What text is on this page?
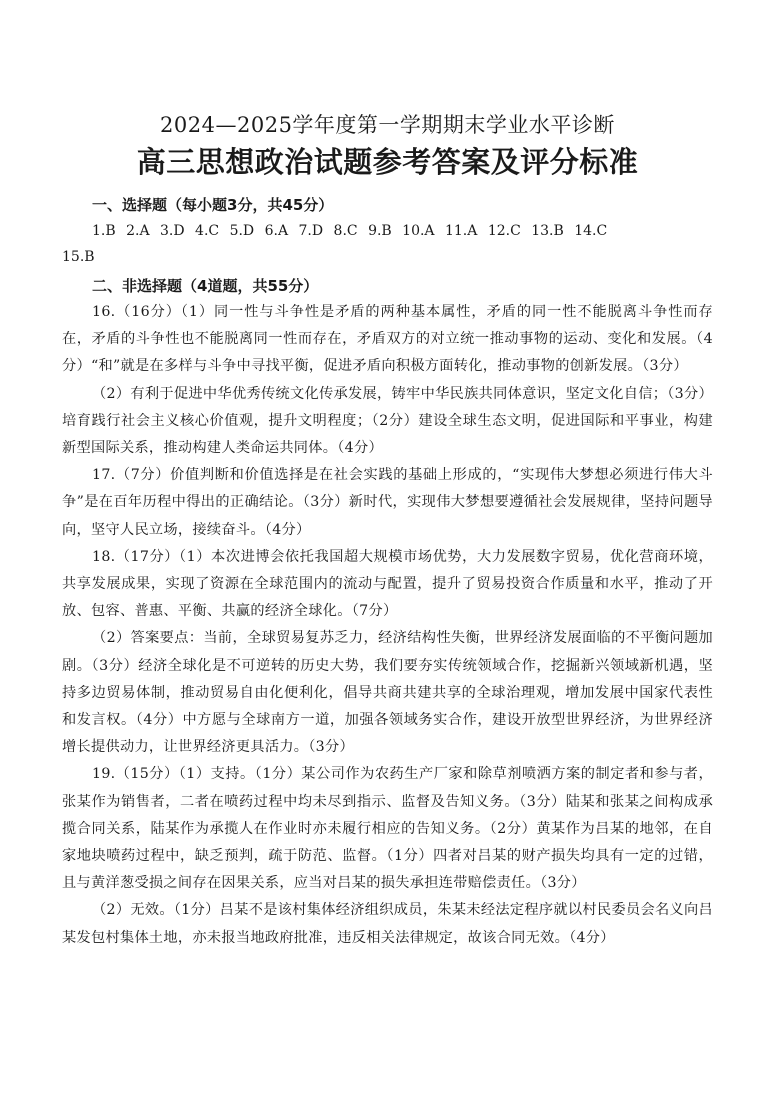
2024—2025学年度第一学期期末学业水平诊断
高三思想政治试题参考答案及评分标准

一、选择题（每小题3分，共45分）

1.B 2.A 3.D 4.C 5.D 6.A 7.D 8.C 9.B 10.A 11.A 12.C 13.B 14.C

15.B

二、非选择题（4道题，共55分）

16.（16分）（1）同一性与斗争性是矛盾的两种基本属性，矛盾的同一性不能脱离斗争性而存在，矛盾的斗争性也不能脱离同一性而存在，矛盾双方的对立统一推动事物的运动、变化和发展。（4分）“和”就是在多样与斗争中寻找平衡，促进矛盾向积极方面转化，推动事物的创新发展。（3分）

（2）有利于促进中华优秀传统文化传承发展，铸牢中华民族共同体意识，坚定文化自信；（3分）培育践行社会主义核心价值观，提升文明程度；（2分）建设全球生态文明，促进国际和平事业，构建新型国际关系，推动构建人类命运共同体。（4分）

17.（7分）价值判断和价值选择是在社会实践的基础上形成的，“实现伟大梦想必须进行伟大斗争”是在百年历程中得出的正确结论。（3分）新时代，实现伟大梦想要遵循社会发展规律，坚持问题导向，坚守人民立场，接续奋斗。（4分）

18.（17分）（1）本次进博会依托我国超大规模市场优势，大力发展数字贸易，优化营商环境，共享发展成果，实现了资源在全球范围内的流动与配置，提升了贸易投资合作质量和水平，推动了开放、包容、普惠、平衡、共赢的经济全球化。（7分）

（2）答案要点：当前，全球贸易复苏乏力，经济结构性失衡，世界经济发展面临的不平衡问题加剧。（3分）经济全球化是不可逆转的历史大势，我们要夯实传统领域合作，挖掘新兴领域新机遇，坚持多边贸易体制，推动贸易自由化便利化，倡导共商共建共享的全球治理观，增加发展中国家代表性和发言权。（4分）中方愿与全球南方一道，加强各领域务实合作，建设开放型世界经济，为世界经济增长提供动力，让世界经济更具活力。（3分）

19.（15分）（1）支持。（1分）某公司作为农药生产厂家和除草剂喷洒方案的制定者和参与者，张某作为销售者，二者在喷药过程中均未尽到指示、监督及告知义务。（3分）陆某和张某之间构成承揽合同关系，陆某作为承揽人在作业时亦未履行相应的告知义务。（2分）黄某作为吕某的地邻，在自家地块喷药过程中，缺乏预判，疏于防范、监督。（1分）四者对吕某的财产损失均具有一定的过错，且与黄洋葱受损之间存在因果关系，应当对吕某的损失承担连带赔偿责任。（3分）

（2）无效。（1分）吕某不是该村集体经济组织成员，朱某未经法定程序就以村民委员会名义向吕某发包村集体土地，亦未报当地政府批准，违反相关法律规定，故该合同无效。（4分）
